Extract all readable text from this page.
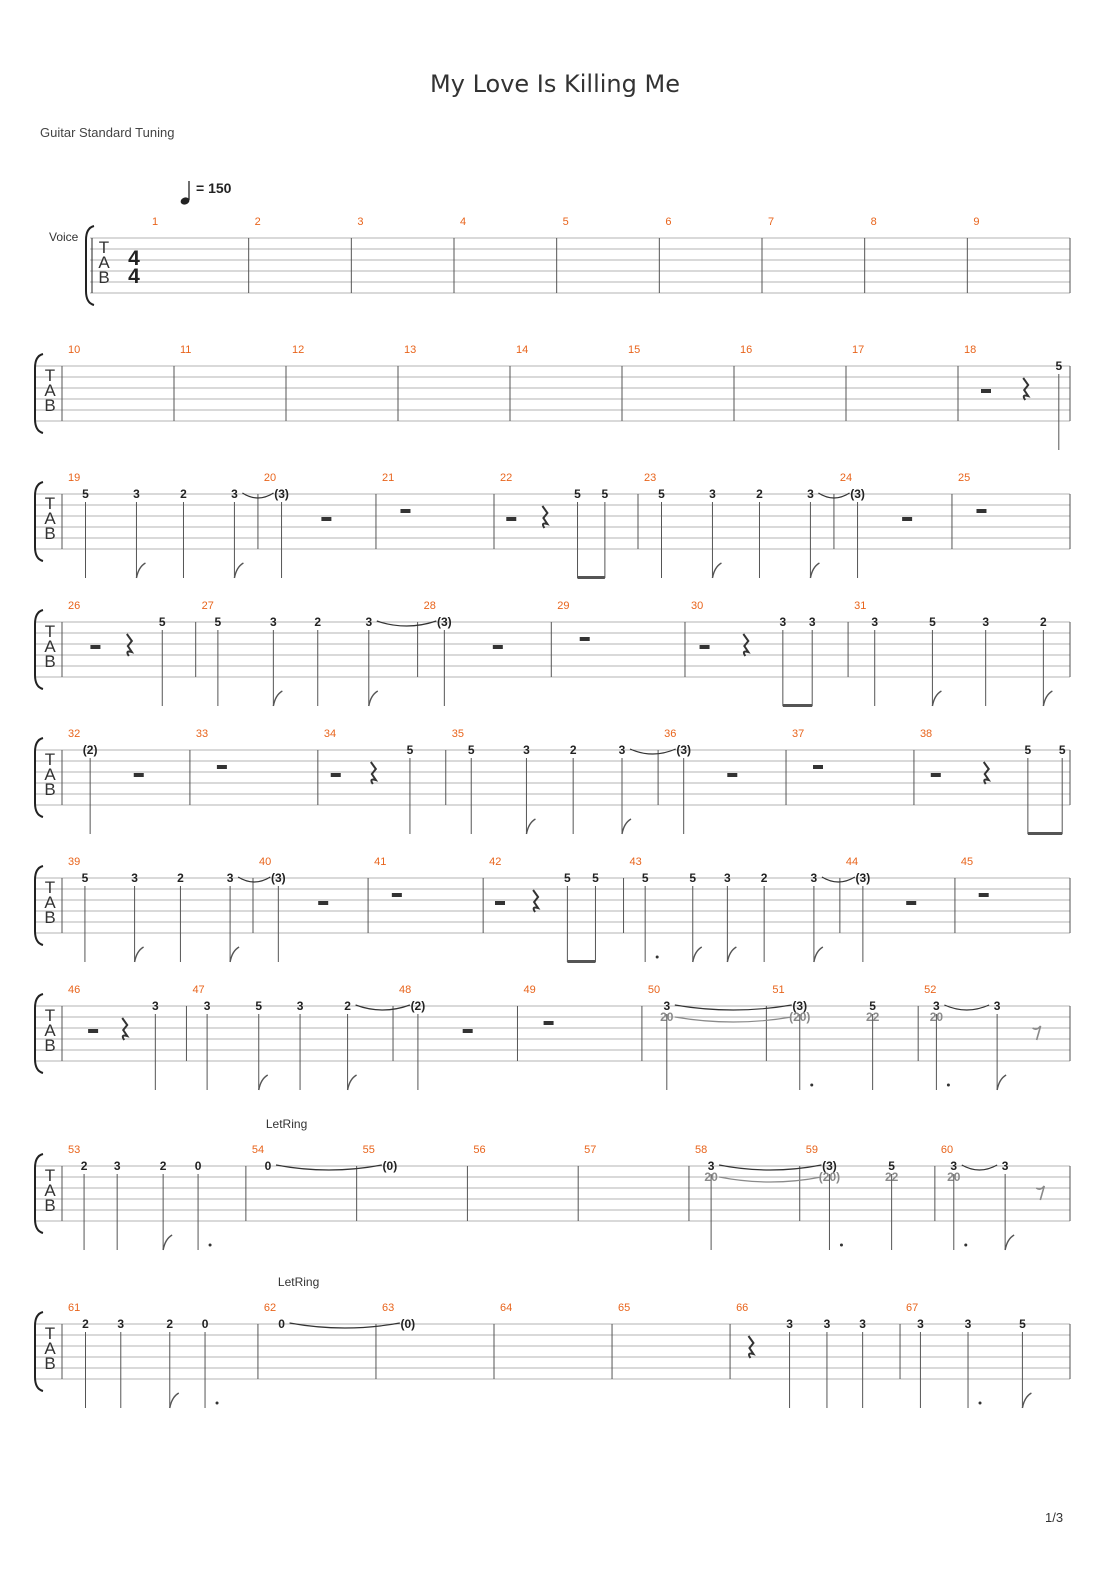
My Love Is Killing Me
Guitar Standard Tuning
= 150
Voice
T
A
B
4
4
1	2	3	4	5	6	7	8	9
T
A
B
10	11	12	13	14	15	16	17	18
5
T
A
B
19
5	3	2	3
20
(3)
21	22
5 5
23
5	3	2	3
24
(3)
25
T
A
B
26
5
27
5	3	2	3
28
(3)
29	30
3 3
31
3	5	3	2
T
A
B
32
(2)
33	34
5
35
5	3	2	3
36
(3)
37	38
5 5
T
A
B
39
5	3	2	3
40
(3)
41	42
5 5
43
5	5 3	2	3
44
(3)
45
T
A
B
46
3
47
3	5	3	2
48
(2)
49	50
3
20
51
(3)
(20)
5
22
52
3
20
3
T
A
B
LetRing
53
2 3	2 0
54
0
55
(0)
56	57	58
3
20
59
(3)
(20)
5
22
60
3
20
3
T
A
B
LetRing
61
2 3	2 0
62
0
63
(0)
64	65	66
3	3 3
67
3	3	5
1/3
